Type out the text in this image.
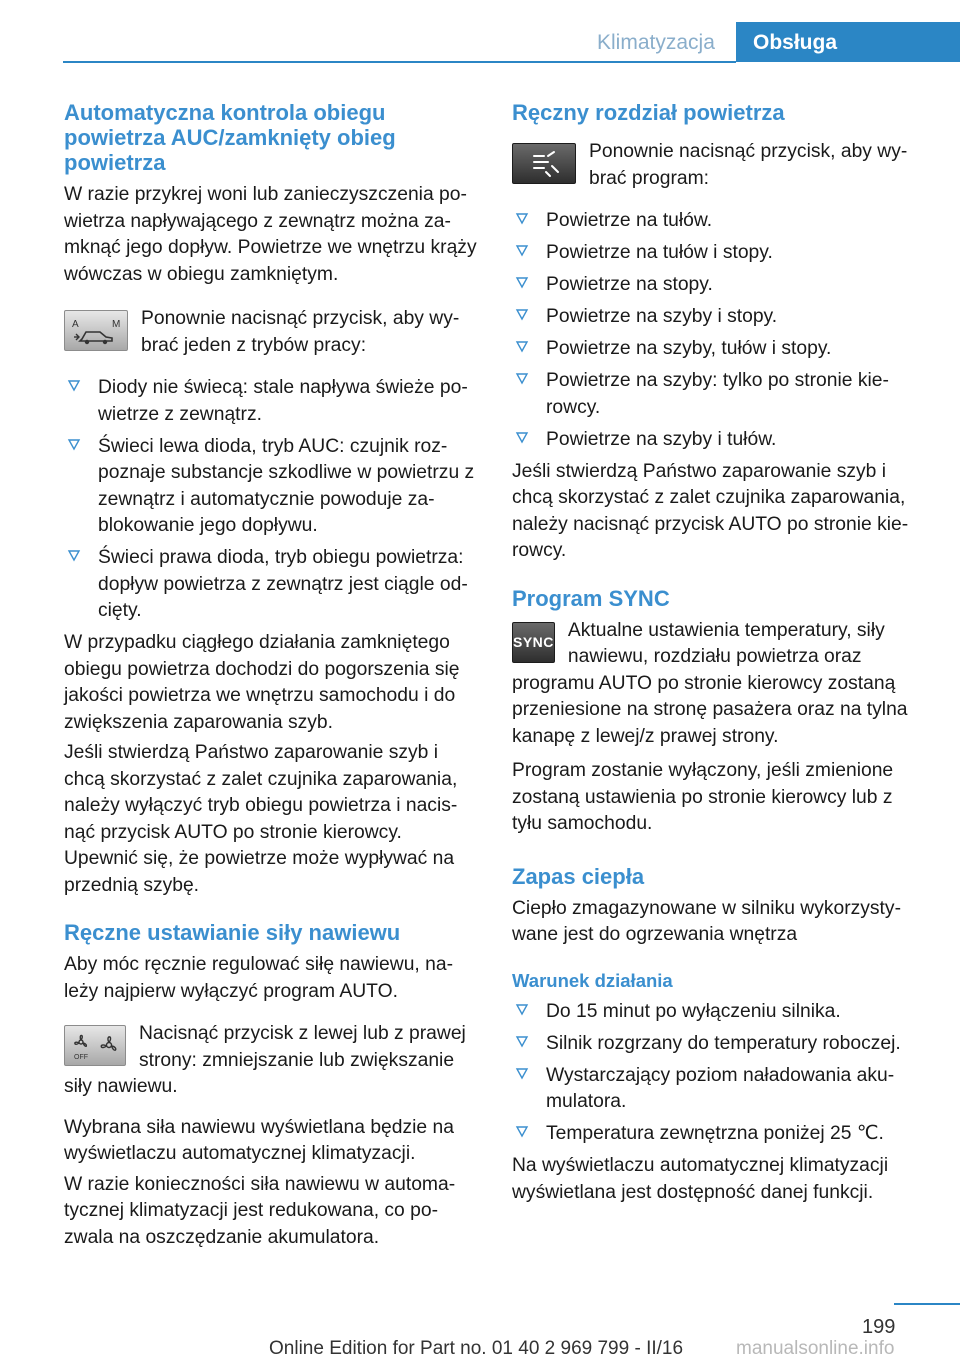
Obsługa
Klimatyzacja
Automatyczna kontrola obiegu powietrza AUC/zamknięty obieg powietrza

W razie przykrej woni lub zanieczyszczenia powietrza napływającego z zewnątrz można zamknąć jego dopływ. Powietrze we wnętrzu krąży wówczas w obiegu zamkniętym.

A	M Ponownie nacisnąć przycisk, aby wybrać jeden z trybów pracy:

Diody nie świecą: stale napływa świeże powietrze z zewnątrz.
Świeci lewa dioda, tryb AUC: czujnik rozpoznaje substancje szkodliwe w powietrzu z zewnątrz i automatycznie powoduje zablokowanie jego dopływu.
Świeci prawa dioda, tryb obiegu powietrza: dopływ powietrza z zewnątrz jest ciągle odcięty.

W przypadku ciągłego działania zamkniętego obiegu powietrza dochodzi do pogorszenia się jakości powietrza we wnętrzu samochodu i do zwiększenia zaparowania szyb.

Jeśli stwierdzą Państwo zaparowanie szyb i chcą skorzystać z zalet czujnika zaparowania, należy wyłączyć tryb obiegu powietrza i nacisnąć przycisk AUTO po stronie kierowcy. Upewnić się, że powietrze może wypływać na przednią szybę.

Ręczne ustawianie siły nawiewu

Aby móc ręcznie regulować siłę nawiewu, należy najpierw wyłączyć program AUTO.

OFF

Nacisnąć przycisk z lewej lub z prawej strony: zmniejszanie lub zwiększanie siły nawiewu.

Wybrana siła nawiewu wyświetlana będzie na wyświetlaczu automatycznej klimatyzacji.

W razie konieczności siła nawiewu w automatycznej klimatyzacji jest redukowana, co pozwala na oszczędzanie akumulatora.

Ręczny rozdział powietrza

Ponownie nacisnąć przycisk, aby wybrać program:

Powietrze na tułów.
Powietrze na tułów i stopy.
Powietrze na stopy.
Powietrze na szyby i stopy.
Powietrze na szyby, tułów i stopy.
Powietrze na szyby: tylko po stronie kierowcy.
Powietrze na szyby i tułów.

Jeśli stwierdzą Państwo zaparowanie szyb i chcą skorzystać z zalet czujnika zaparowania, należy nacisnąć przycisk AUTO po stronie kierowcy.

Program SYNC
SYNC

Aktualne ustawienia temperatury, siły nawiewu, rozdziału powietrza oraz programu AUTO po stronie kierowcy zostaną przeniesione na stronę pasażera oraz na tylna kanapę z lewej/z prawej strony.

Program zostanie wyłączony, jeśli zmienione zostaną ustawienia po stronie kierowcy lub z tyłu samochodu.

Zapas ciepła

Ciepło zmagazynowane w silniku wykorzystywane jest do ogrzewania wnętrza

Warunek działania
Do 15 minut po wyłączeniu silnika.
Silnik rozgrzany do temperatury roboczej.
Wystarczający poziom naładowania akumulatora.
Temperatura zewnętrzna poniżej 25 ℃.

Na wyświetlaczu automatycznej klimatyzacji wyświetlana jest dostępność danej funkcji.

199
Online Edition for Part no. 01 40 2 969 799 - II/16	manualsonline.info
